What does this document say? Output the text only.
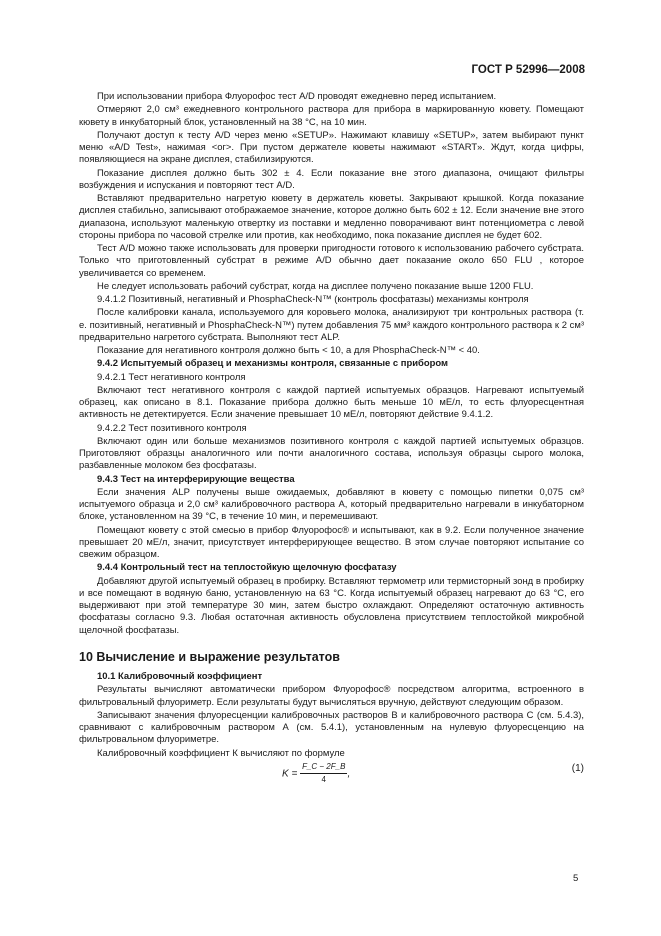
ГОСТ Р 52996—2008

При использовании прибора Флуорофос тест A/D проводят ежедневно перед испытанием.

Отмеряют 2,0 см³ ежедневного контрольного раствора для прибора в маркированную кювету. Помещают кювету в инкубаторный блок, установленный на 38 °С, на 10 мин.

Получают доступ к тесту A/D через меню «SETUP». Нажимают клавишу «SETUP», затем выбирают пункт меню «A/D Test», нажимая <ог>. При пустом держателе кюветы нажимают «START». Ждут, когда цифры, появляющиеся на экране дисплея, стабилизируются.

Показание дисплея должно быть 302 ± 4. Если показание вне этого диапазона, очищают фильтры возбуждения и испускания и повторяют тест A/D.

Вставляют предварительно нагретую кювету в держатель кюветы. Закрывают крышкой. Когда показание дисплея стабильно, записывают отображаемое значение, которое должно быть 602 ± 12. Если значение вне этого диапазона, используют маленькую отвертку из поставки и медленно поворачивают винт потенциометра с левой стороны прибора по часовой стрелке или против, как необходимо, пока показание дисплея не будет 602.

Тест A/D можно также использовать для проверки пригодности готового к использованию рабочего субстрата. Только что приготовленный субстрат в режиме A/D обычно дает показание около 650 FLU , которое увеличивается со временем.

Не следует использовать рабочий субстрат, когда на дисплее получено показание выше 1200 FLU.

9.4.1.2 Позитивный, негативный и PhosphaCheck-N™ (контроль фосфатазы) механизмы контроля

После калибровки канала, используемого для коровьего молока, анализируют три контрольных раствора (т. е. позитивный, негативный и PhosphaCheck-N™) путем добавления 75 мм³ каждого контрольного раствора к 2 см³ предварительно нагретого субстрата. Выполняют тест ALP.

Показание для негативного контроля должно быть < 10, а для PhosphaCheck-N™ < 40.

9.4.2 Испытуемый образец и механизмы контроля, связанные с прибором

9.4.2.1 Тест негативного контроля

Включают тест негативного контроля с каждой партией испытуемых образцов. Нагревают испытуемый образец, как описано в 8.1. Показание прибора должно быть меньше 10 мЕ/л, то есть флуоресцентная активность не детектируется. Если значение превышает 10 мЕ/л, повторяют действие 9.4.1.2.

9.4.2.2 Тест позитивного контроля

Включают один или больше механизмов позитивного контроля с каждой партией испытуемых образцов. Приготовляют образцы аналогичного или почти аналогичного состава, используя образцы сырого молока, разбавленные молоком без фосфатазы.

9.4.3 Тест на интерферирующие вещества

Если значения ALP получены выше ожидаемых, добавляют в кювету с помощью пипетки 0,075 см³ испытуемого образца и 2,0 см³ калибровочного раствора А, который предварительно нагревали в инкубаторном блоке, установленном на 39 °С, в течение 10 мин, и перемешивают.

Помещают кювету с этой смесью в прибор Флуорофос® и испытывают, как в 9.2. Если полученное значение превышает 20 мЕ/л, значит, присутствует интерферирующее вещество. В этом случае повторяют испытание со свежим образцом.

9.4.4 Контрольный тест на теплостойкую щелочную фосфатазу

Добавляют другой испытуемый образец в пробирку. Вставляют термометр или термисторный зонд в пробирку и все помещают в водяную баню, установленную на 63 °С. Когда испытуемый образец нагревают до 63 °С, его выдерживают при этой температуре 30 мин, затем быстро охлаждают. Определяют остаточную активность фосфатазы согласно 9.3. Любая остаточная активность обусловлена присутствием теплостойкой микробной щелочной фосфатазы.

10 Вычисление и выражение результатов

10.1 Калибровочный коэффициент

Результаты вычисляют автоматически прибором Флуорофос® посредством алгоритма, встроенного в фильтровальный флуориметр. Если результаты будут вычисляться вручную, действуют следующим образом.

Записывают значения флуоресценции калибровочных растворов В и калибровочного раствора С (см. 5.4.3), сравнивают с калибровочным раствором А (см. 5.4.1), установленным на нулевую флуоресценцию на фильтровальном флуориметре.

Калибровочный коэффициент К вычисляют по формуле

$K = \frac{F\_C - 2F\_B}{4}$ ,	(1)
5
